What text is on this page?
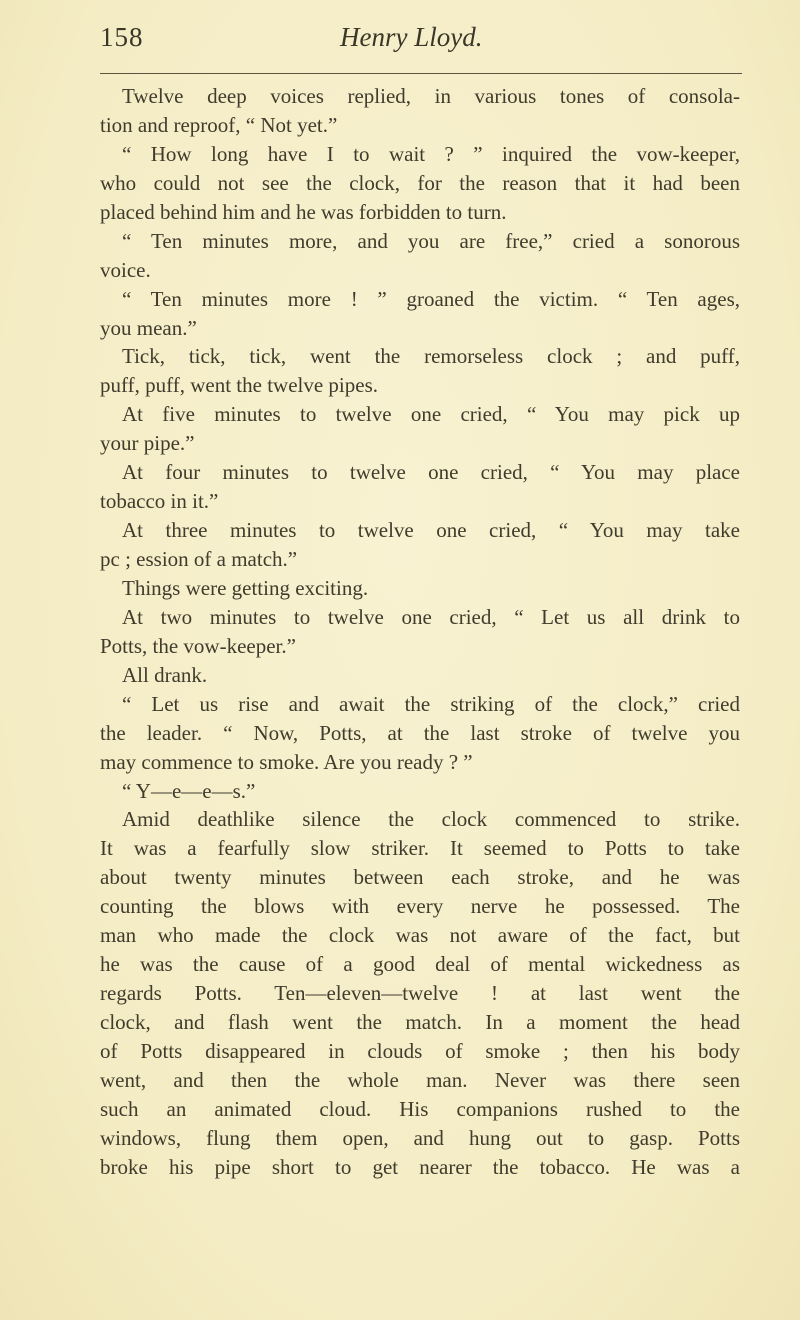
158	Henry Lloyd.
Twelve deep voices replied, in various tones of consola-
tion and reproof, “ Not yet.”
“ How long have I to wait ? ” inquired the vow-keeper,
who could not see the clock, for the reason that it had been
placed behind him and he was forbidden to turn.
“ Ten minutes more, and you are free,” cried a sonorous
voice.
“ Ten minutes more ! ” groaned the victim. “ Ten ages,
you mean.”
Tick, tick, tick, went the remorseless clock ; and puff,
puff, puff, went the twelve pipes.
At five minutes to twelve one cried, “ You may pick up
your pipe.”
At four minutes to twelve one cried, “ You may place
tobacco in it.”
At three minutes to twelve one cried, “ You may take
pc ; ession of a match.”
Things were getting exciting.
At two minutes to twelve one cried, “ Let us all drink to
Potts, the vow-keeper.”
All drank.
“ Let us rise and await the striking of the clock,” cried
the leader. “ Now, Potts, at the last stroke of twelve you
may commence to smoke. Are you ready ? ”
“ Y—e—e—s.”
Amid deathlike silence the clock commenced to strike.
It was a fearfully slow striker. It seemed to Potts to take
about twenty minutes between each stroke, and he was
counting the blows with every nerve he possessed. The
man who made the clock was not aware of the fact, but
he was the cause of a good deal of mental wickedness as
regards Potts. Ten—eleven—twelve ! at last went the
clock, and flash went the match. In a moment the head
of Potts disappeared in clouds of smoke ; then his body
went, and then the whole man. Never was there seen
such an animated cloud. His companions rushed to the
windows, flung them open, and hung out to gasp. Potts
broke his pipe short to get nearer the tobacco. He was a
